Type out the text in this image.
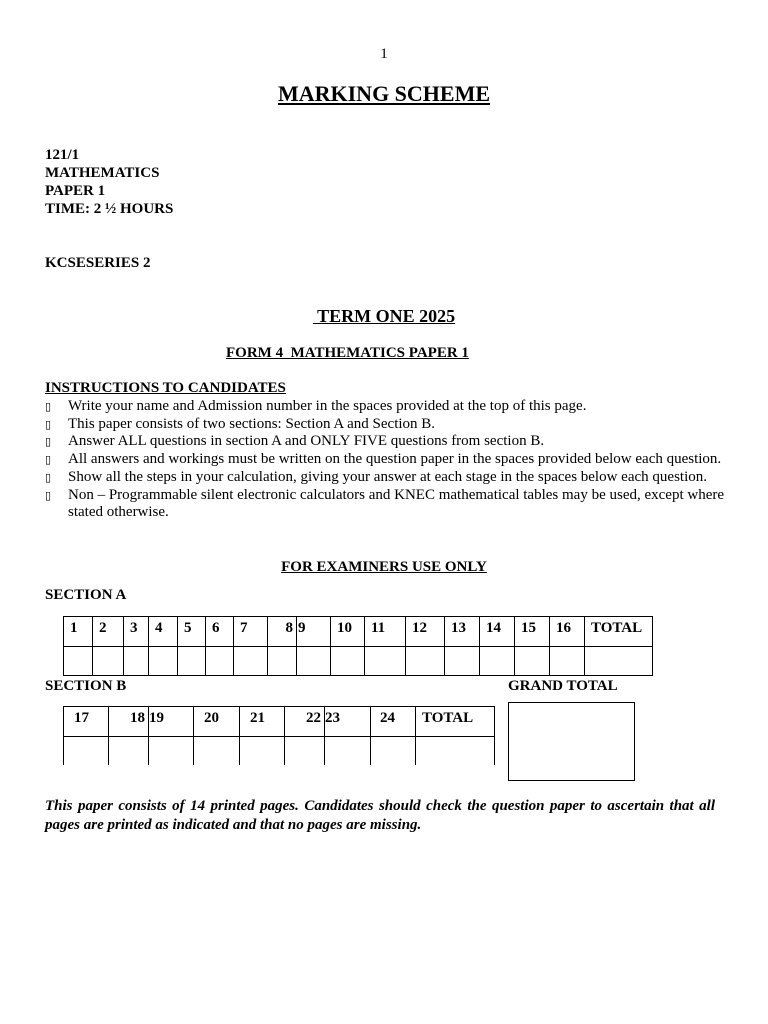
1
MARKING SCHEME
121/1
MATHEMATICS
PAPER 1
TIME: 2 ½ HOURS
KCSESERIES 2
TERM ONE 2025
FORM 4  MATHEMATICS PAPER 1
INSTRUCTIONS TO CANDIDATES
▯ Write your name and Admission number in the spaces provided at the top of this page.
▯ This paper consists of two sections: Section A and Section B.
▯ Answer ALL questions in section A and ONLY FIVE questions from section B.
▯ All answers and workings must be written on the question paper in the spaces provided below each question.
▯ Show all the steps in your calculation, giving your answer at each stage in the spaces below each question.
▯ Non – Programmable silent electronic calculators and KNEC mathematical tables may be used, except where stated otherwise.
FOR EXAMINERS USE ONLY
SECTION A
1	2	3	4	5	6	7	8	9	10	11	12	13	14	15	16	TOTAL

SECTION B	GRAND TOTAL
17	18	19	20	21	22	23	24	TOTAL

This paper consists of 14 printed pages. Candidates should check the question paper to ascertain that all pages are printed as indicated and that no pages are missing.
